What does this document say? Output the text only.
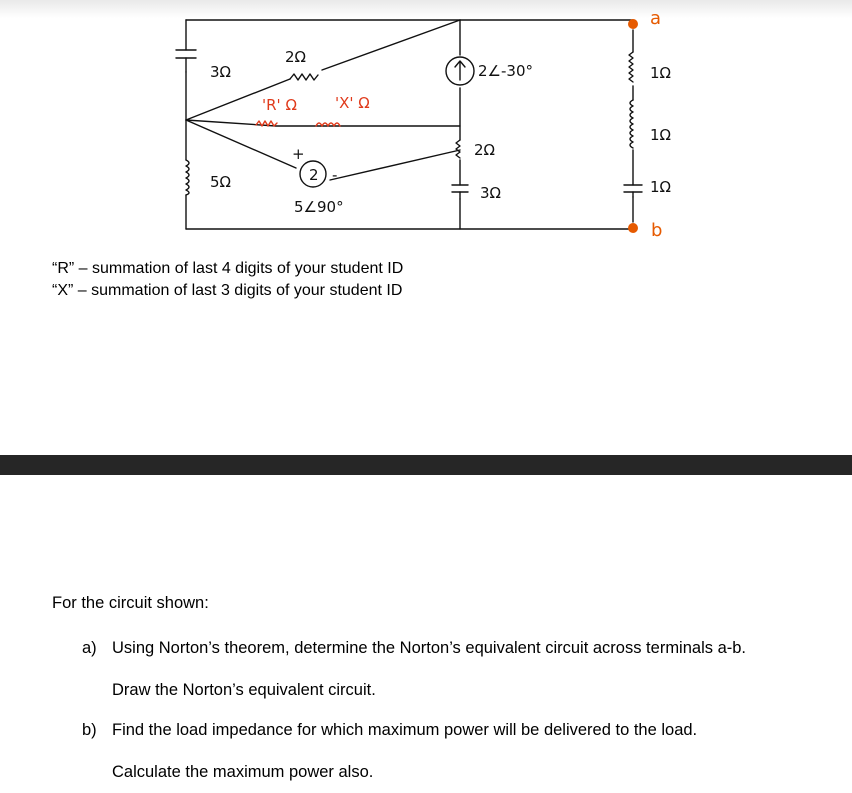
a
b
3Ω
2Ω
'R' Ω	'X' Ω
5Ω
+
2 -
5∠90°
2∠-30°
2Ω
3Ω
1Ω
1Ω
1Ω
“R” – summation of last 4 digits of your student ID
“X” – summation of last 3 digits of your student ID
For the circuit shown:
a) Using Norton’s theorem, determine the Norton’s equivalent circuit across terminals a-b.
Draw the Norton’s equivalent circuit.
b) Find the load impedance for which maximum power will be delivered to the load.
Calculate the maximum power also.
